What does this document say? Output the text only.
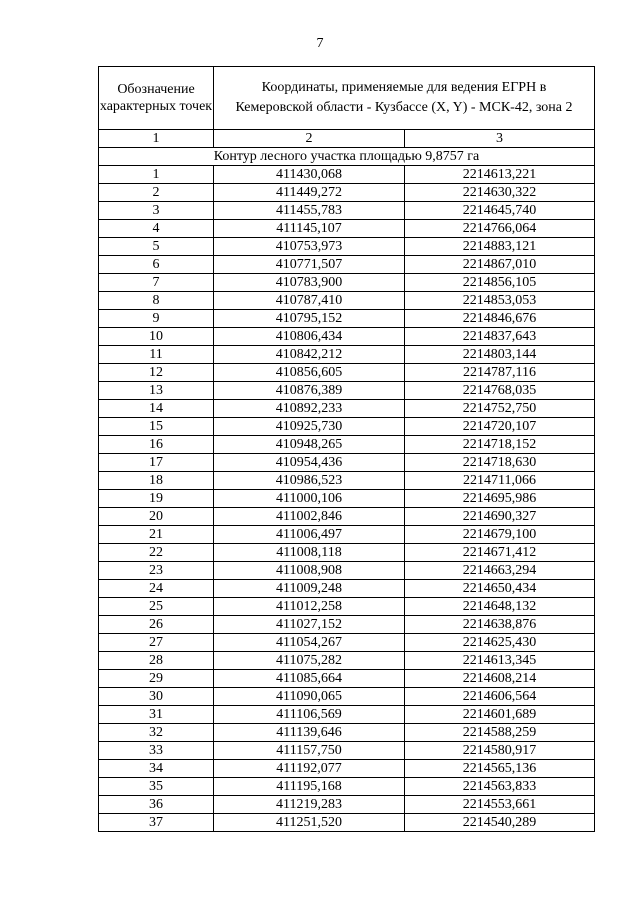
7
Обозначение характерных точек	Координаты, применяемые для ведения ЕГРН в
Кемеровской области - Кузбассе (X, Y) - МСК-42, зона 2	

1	2	3
Контур лесного участка площадью 9,8757 га		
1	411430,068	2214613,221
2	411449,272	2214630,322
3	411455,783	2214645,740
4	411145,107	2214766,064
5	410753,973	2214883,121
6	410771,507	2214867,010
7	410783,900	2214856,105
8	410787,410	2214853,053
9	410795,152	2214846,676
10	410806,434	2214837,643
11	410842,212	2214803,144
12	410856,605	2214787,116
13	410876,389	2214768,035
14	410892,233	2214752,750
15	410925,730	2214720,107
16	410948,265	2214718,152
17	410954,436	2214718,630
18	410986,523	2214711,066
19	411000,106	2214695,986
20	411002,846	2214690,327
21	411006,497	2214679,100
22	411008,118	2214671,412
23	411008,908	2214663,294
24	411009,248	2214650,434
25	411012,258	2214648,132
26	411027,152	2214638,876
27	411054,267	2214625,430
28	411075,282	2214613,345
29	411085,664	2214608,214
30	411090,065	2214606,564
31	411106,569	2214601,689
32	411139,646	2214588,259
33	411157,750	2214580,917
34	411192,077	2214565,136
35	411195,168	2214563,833
36	411219,283	2214553,661
37	411251,520	2214540,289
